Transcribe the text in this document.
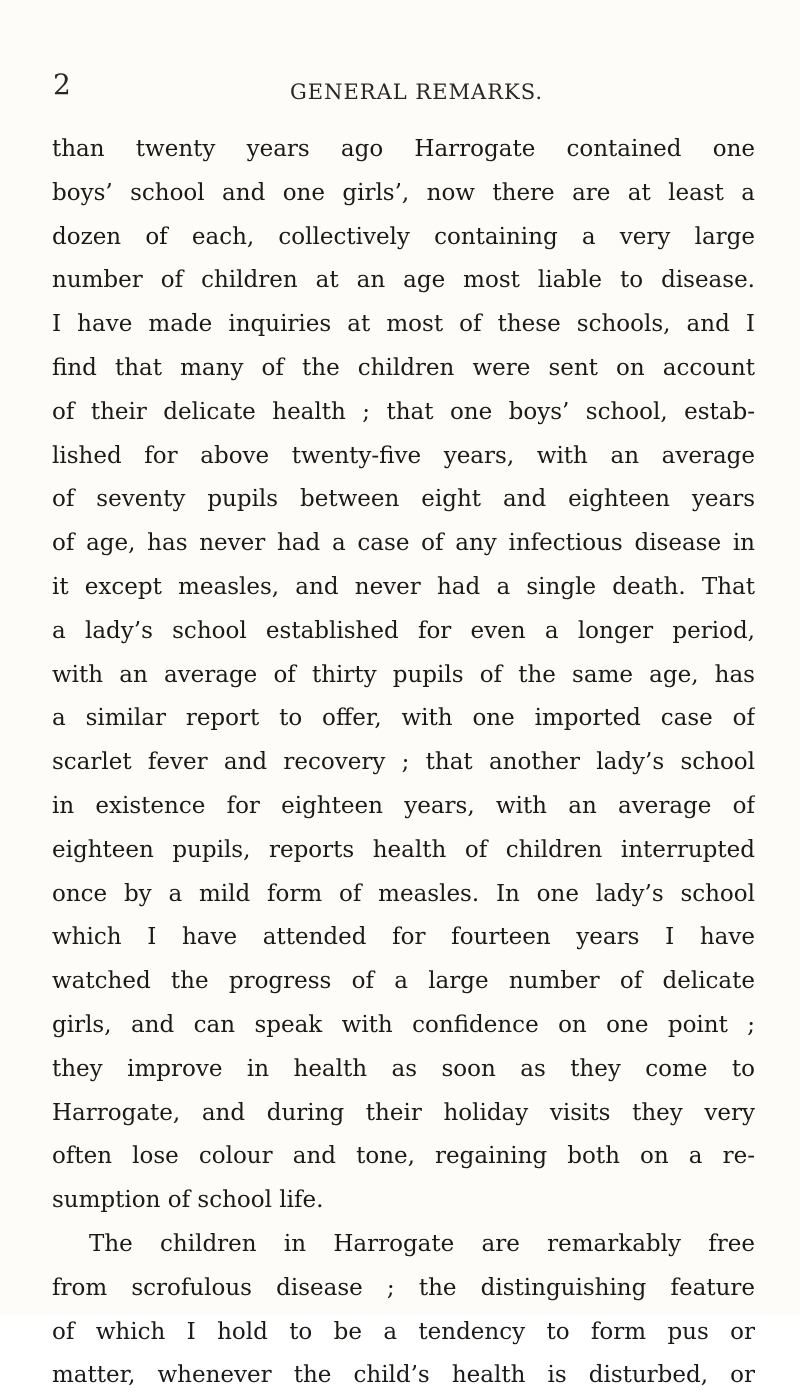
2	GENERAL REMARKS.
than twenty years ago Harrogate contained one
boys’ school and one girls’, now there are at least a
dozen of each, collectively containing a very large
number of children at an age most liable to disease.
I have made inquiries at most of these schools, and I
find that many of the children were sent on account
of their delicate health ; that one boys’ school, estab-
lished for above twenty-five years, with an average
of seventy pupils between eight and eighteen years
of age, has never had a case of any infectious disease in
it except measles, and never had a single death. That
a lady’s school established for even a longer period,
with an average of thirty pupils of the same age, has
a similar report to offer, with one imported case of
scarlet fever and recovery ; that another lady’s school
in existence for eighteen years, with an average of
eighteen pupils, reports health of children interrupted
once by a mild form of measles. In one lady’s school
which I have attended for fourteen years I have
watched the progress of a large number of delicate
girls, and can speak with confidence on one point ;
they improve in health as soon as they come to
Harrogate, and during their holiday visits they very
often lose colour and tone, regaining both on a re-
sumption of school life.
The children in Harrogate are remarkably free
from scrofulous disease ; the distinguishing feature
of which I hold to be a tendency to form pus or
matter, whenever the child’s health is disturbed, or
